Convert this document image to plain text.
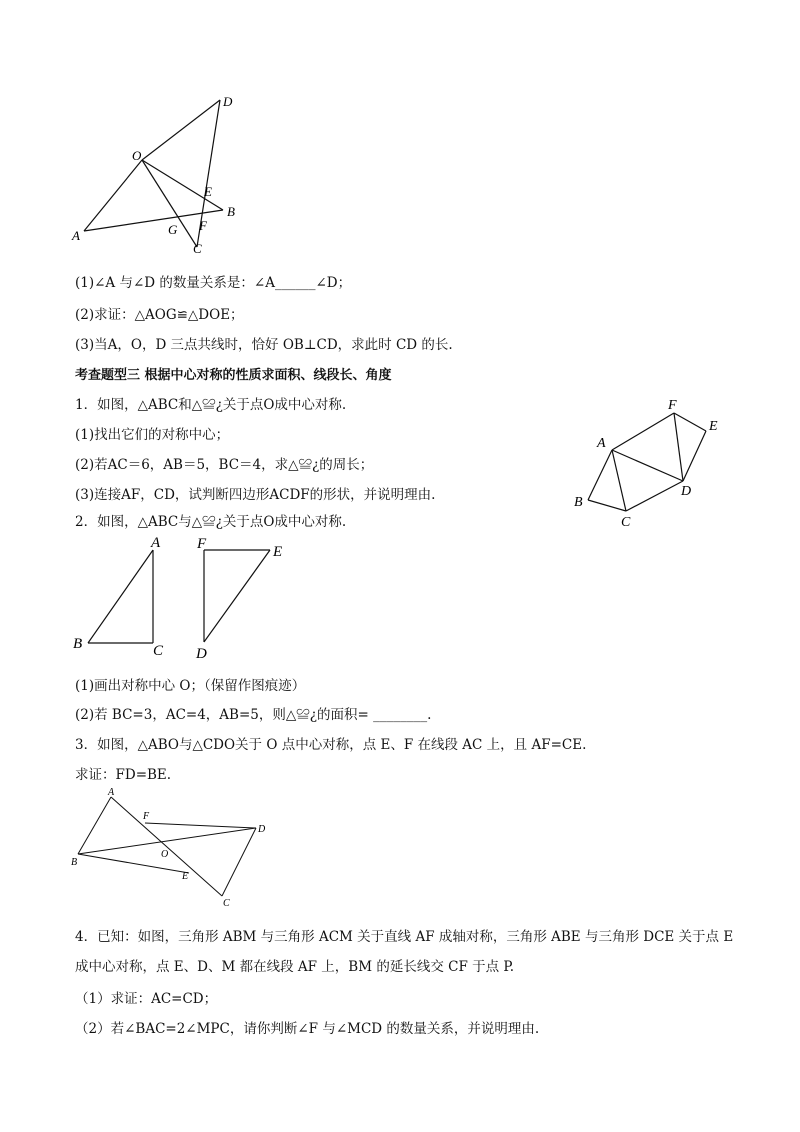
A
O
D
E
B
G F
C
(1)∠A 与∠D 的数量关系是：∠A______∠D；
(2)求证：△AOG≌△DOE；
(3)当A，O，D 三点共线时，恰好 OB⊥CD，求此时 CD 的长.
考查题型三 根据中心对称的性质求面积、线段长、角度
1．如图，△ABC和△≌¿关于点O成中心对称.
(1)找出它们的对称中心；
(2)若AC＝6，AB＝5，BC＝4，求△≌¿的周长；
(3)连接AF，CD，试判断四边形ACDF的形状，并说明理由.
A
F
E
B
C
D
2．如图，△ABC与△≌¿关于点O成中心对称.
A
B	C
F	E
D
(1)画出对称中心 O；（保留作图痕迹）
(2)若 BC=3，AC=4，AB=5，则△≌¿的面积= ________.
3．如图，△ABO与△CDO关于 O 点中心对称，点 E、F 在线段 AC 上，且 AF=CE.
求证：FD=BE.
A
F
D
B
O
E
C
4．已知：如图，三角形 ABM 与三角形 ACM 关于直线 AF 成轴对称，三角形 ABE 与三角形 DCE 关于点 E
成中心对称，点 E、D、M 都在线段 AF 上，BM 的延长线交 CF 于点 P.
（1）求证：AC=CD；
（2）若∠BAC=2∠MPC，请你判断∠F 与∠MCD 的数量关系，并说明理由.
